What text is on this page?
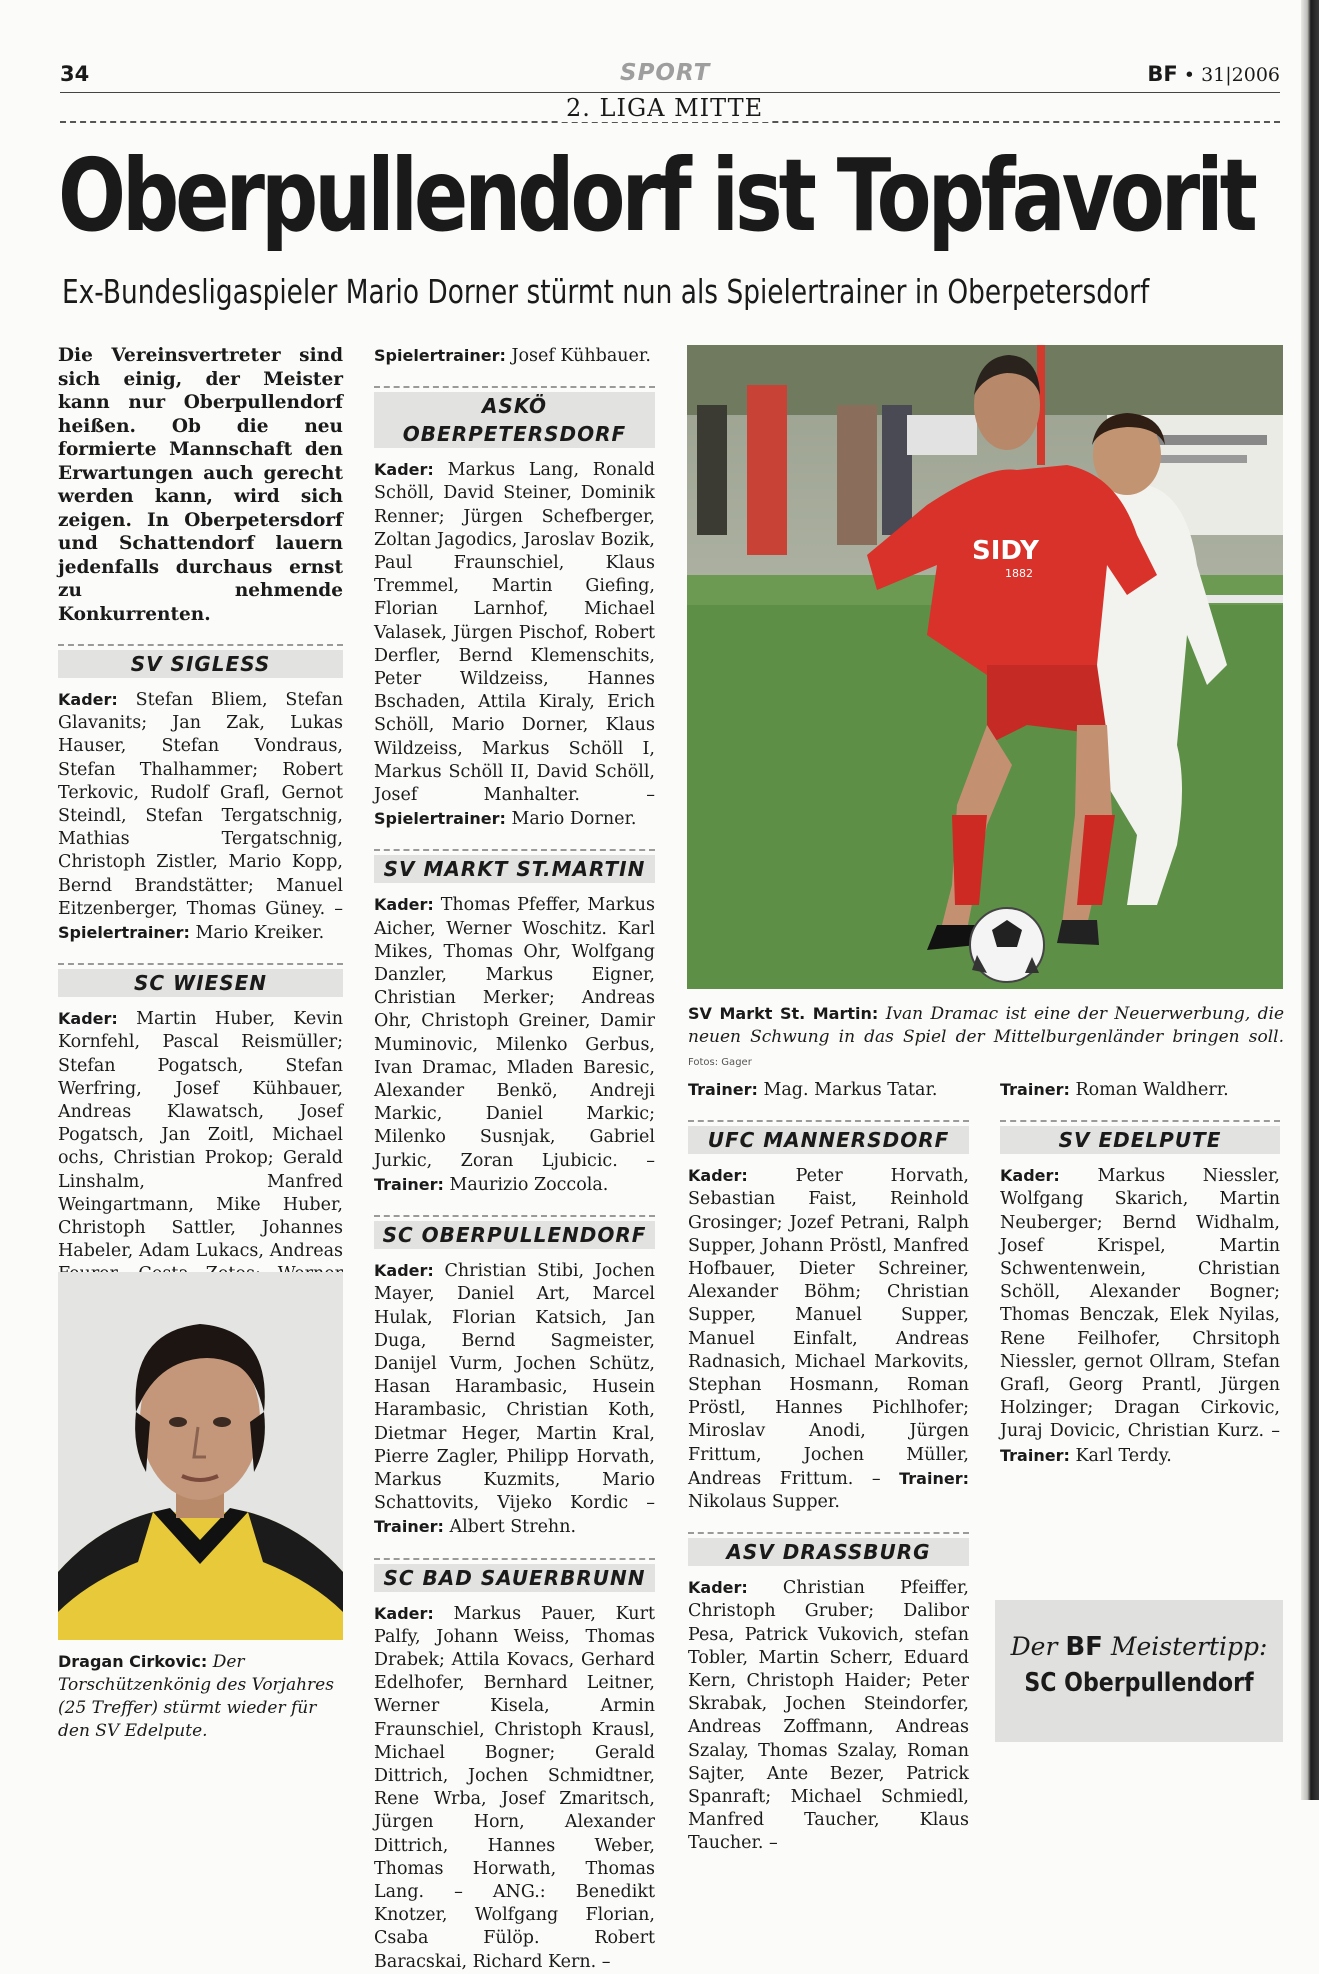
34	SPORT	BF • 31|2006
2. LIGA MITTE
Oberpullendorf ist Topfavorit
Ex-Bundesligaspieler Mario Dorner stürmt nun als Spielertrainer in Oberpetersdorf

Die Vereinsvertreter sind sich einig, der Meister kann nur Oberpullendorf heißen. Ob die neu formierte Mannschaft den Erwartungen auch gerecht werden kann, wird sich zeigen. In Oberpetersdorf und Schattendorf lauern jedenfalls durchaus ernst zu nehmende Konkurrenten.

SV SIGLESS

Kader: Stefan Bliem, Stefan Glavanits; Jan Zak, Lukas Hauser, Stefan Vondraus, Stefan Thalhammer; Robert Terkovic, Rudolf Grafl, Gernot Steindl, Stefan Tergatschnig, Mathias Tergatschnig, Christoph Zistler, Mario Kopp, Bernd Brandstätter; Manuel Eitzenberger, Thomas Güney. – Spielertrainer: Mario Kreiker.

SC WIESEN

Kader: Martin Huber, Kevin Kornfehl, Pascal Reismüller; Stefan Pogatsch, Stefan Werfring, Josef Kühbauer, Andreas Klawatsch, Josef Pogatsch, Jan Zoitl, Michael ochs, Christian Prokop; Gerald Linshalm, Manfred Weingartmann, Mike Huber, Christoph Sattler, Johannes Habeler, Adam Lukacs, Andreas

Dragan Cirkovic: Der Torschützenkönig des Vorjahres (25 Treffer) stürmt wieder für den SV Edelpute.

Spielertrainer: Josef Kühbauer.

ASKÖ OBERPETERSDORF

Kader: Markus Lang, Ronald Schöll, David Steiner, Dominik Renner; Jürgen Schefberger, Zoltan Jagodics, Jaroslav Bozik, Paul Fraunschiel, Klaus Tremmel, Martin Giefing, Florian Larnhof, Michael Valasek, Jürgen Pischof, Robert Derfler, Bernd Klemenschits, Peter Wildzeiss, Hannes Bschaden, Attila Kiraly, Erich Schöll, Mario Dorner, Klaus Wildzeiss, Markus Schöll I, Markus Schöll II, David Schöll, Josef Manhalter. – Spielertrainer: Mario Dorner.

SV MARKT ST.MARTIN

Kader: Thomas Pfeffer, Markus Aicher, Werner Woschitz. Karl Mikes, Thomas Ohr, Wolfgang Danzler, Markus Eigner, Christian Merker; Andreas Ohr, Christoph Greiner, Damir Muminovic, Milenko Gerbus, Ivan Dramac, Mladen Baresic, Alexander Benkö, Andreji Markic, Daniel Markic; Milenko Susnjak, Gabriel Jurkic, Zoran Ljubicic. – Trainer: Maurizio Zoccola.

SC OBERPULLENDORF

Kader: Christian Stibi, Jochen Mayer, Daniel Art, Marcel Hulak, Florian Katsich, Jan Duga, Bernd Sagmeister, Danijel Vurm, Jochen Schütz, Hasan Harambasic, Husein Harambasic, Christian Koth, Dietmar Heger, Martin Kral, Pierre Zagler, Philipp Horvath, Markus Kuzmits, Mario Schattovits, Vijeko Kordic – Trainer: Albert Strehn.

SC BAD SAUERBRUNN

Kader: Markus Pauer, Kurt Palfy, Johann Weiss, Thomas Drabek; Attila Kovacs, Gerhard Edelhofer, Bernhard Leitner, Werner Kisela, Armin Fraunschiel, Christoph Krausl, Michael Bogner; Gerald Dittrich, Jochen Schmidtner, Rene Wrba, Josef Zmaritsch, Jürgen Horn, Alexander Dittrich, Hannes Weber, Thomas Horwath, Thomas Lang. – ANG.: Benedikt Knotzer, Wolfgang Florian, Csaba Fülöp. Robert Baracskai, Richard Kern. –

SIDY
1882
SV Markt St. Martin: Ivan Dramac ist eine der Neuerwerbung, die neuen Schwung in das Spiel der Mittelburgenländer bringen soll. Fotos: Gager

Trainer: Mag. Markus Tatar.

UFC MANNERSDORF

Kader:	Peter Horvath, Sebastian Faist, Reinhold Grosinger; Jozef Petrani, Ralph Supper, Johann Pröstl, Manfred Hofbauer, Dieter Schreiner, Alexander Böhm; Christian Supper, Manuel Supper, Manuel Einfalt, Andreas Radnasich, Michael Markovits, Stephan Hosmann, Roman Pröstl, Hannes Pichlhofer; Miroslav Anodi, Jürgen Frittum, Jochen Müller, Andreas Frittum. – Trainer: Nikolaus Supper.

ASV DRASSBURG

Kader: Christian Pfeiffer, Christoph Gruber; Dalibor Pesa, Patrick Vukovich, stefan Tobler, Martin Scherr, Eduard Kern, Christoph Haider; Peter Skrabak, Jochen Steindorfer, Andreas Zoffmann, Andreas Szalay, Thomas Szalay, Roman Sajter, Ante Bezer, Patrick Spanraft; Michael Schmiedl, Manfred Taucher, Klaus Taucher. –

Trainer: Roman Waldherr.

SV EDELPUTE

Kader: Markus Niessler, Wolfgang Skarich, Martin Neuberger; Bernd Widhalm, Josef Krispel, Martin Schwentenwein, Christian Schöll, Alexander Bogner; Thomas Benczak, Elek Nyilas, Rene Feilhofer, Chrsitoph Niessler, gernot Ollram, Stefan Grafl, Georg Prantl, Jürgen Holzinger; Dragan Cirkovic, Juraj Dovicic, Christian Kurz. – Trainer: Karl Terdy.

Der BF Meistertipp:
SC Oberpullendorf
